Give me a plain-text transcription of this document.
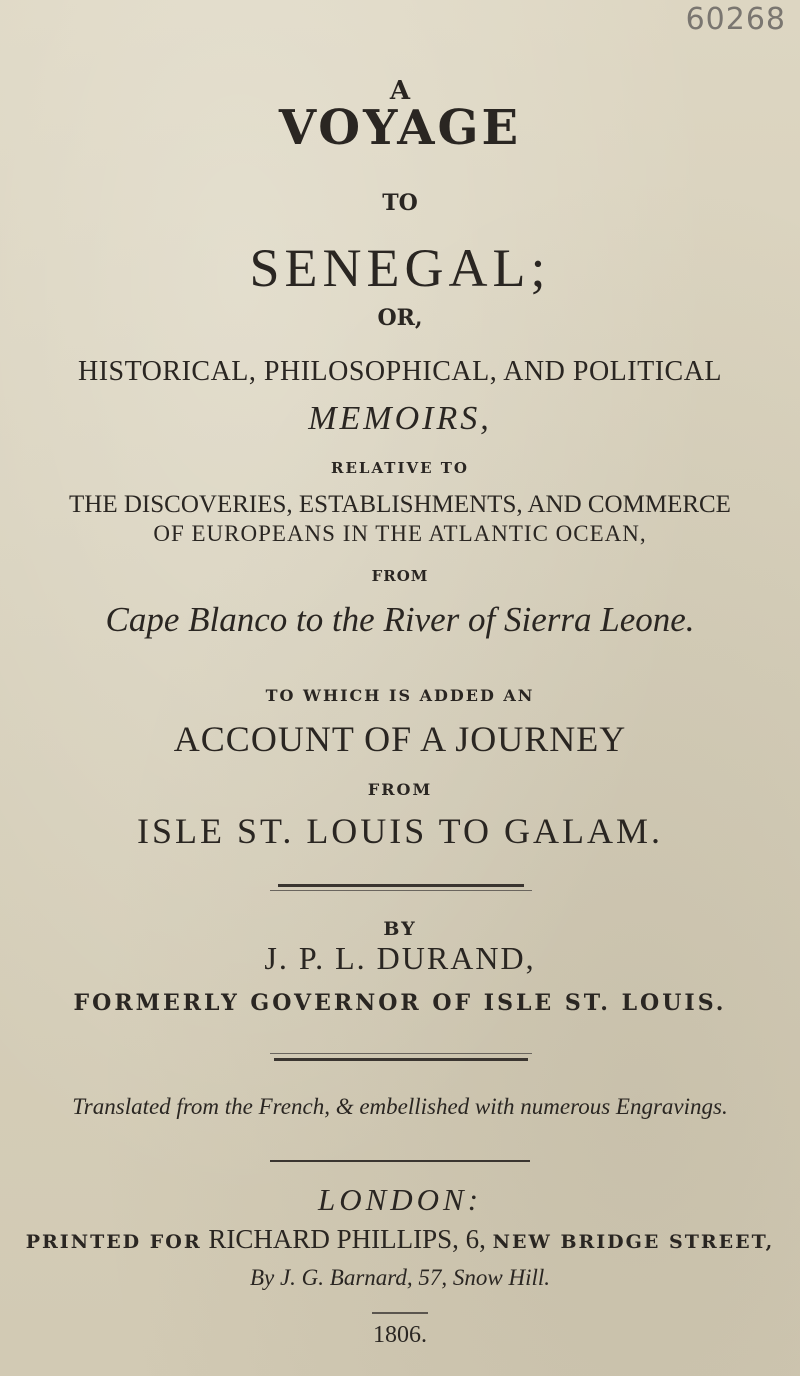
60268

A

VOYAGE

TO

SENEGAL;

OR,

HISTORICAL, PHILOSOPHICAL, AND POLITICAL

MEMOIRS,

RELATIVE TO

THE DISCOVERIES, ESTABLISHMENTS, AND COMMERCE

OF EUROPEANS IN THE ATLANTIC OCEAN,

FROM

Cape Blanco to the River of Sierra Leone.

TO WHICH IS ADDED AN

ACCOUNT OF A JOURNEY

FROM

ISLE ST. LOUIS TO GALAM.

BY

J. P. L. DURAND,

FORMERLY GOVERNOR OF ISLE ST. LOUIS.

Translated from the French, & embellished with numerous Engravings.

LONDON:

PRINTED FOR RICHARD PHILLIPS, 6, NEW BRIDGE STREET,

By J. G. Barnard, 57, Snow Hill.

1806.
